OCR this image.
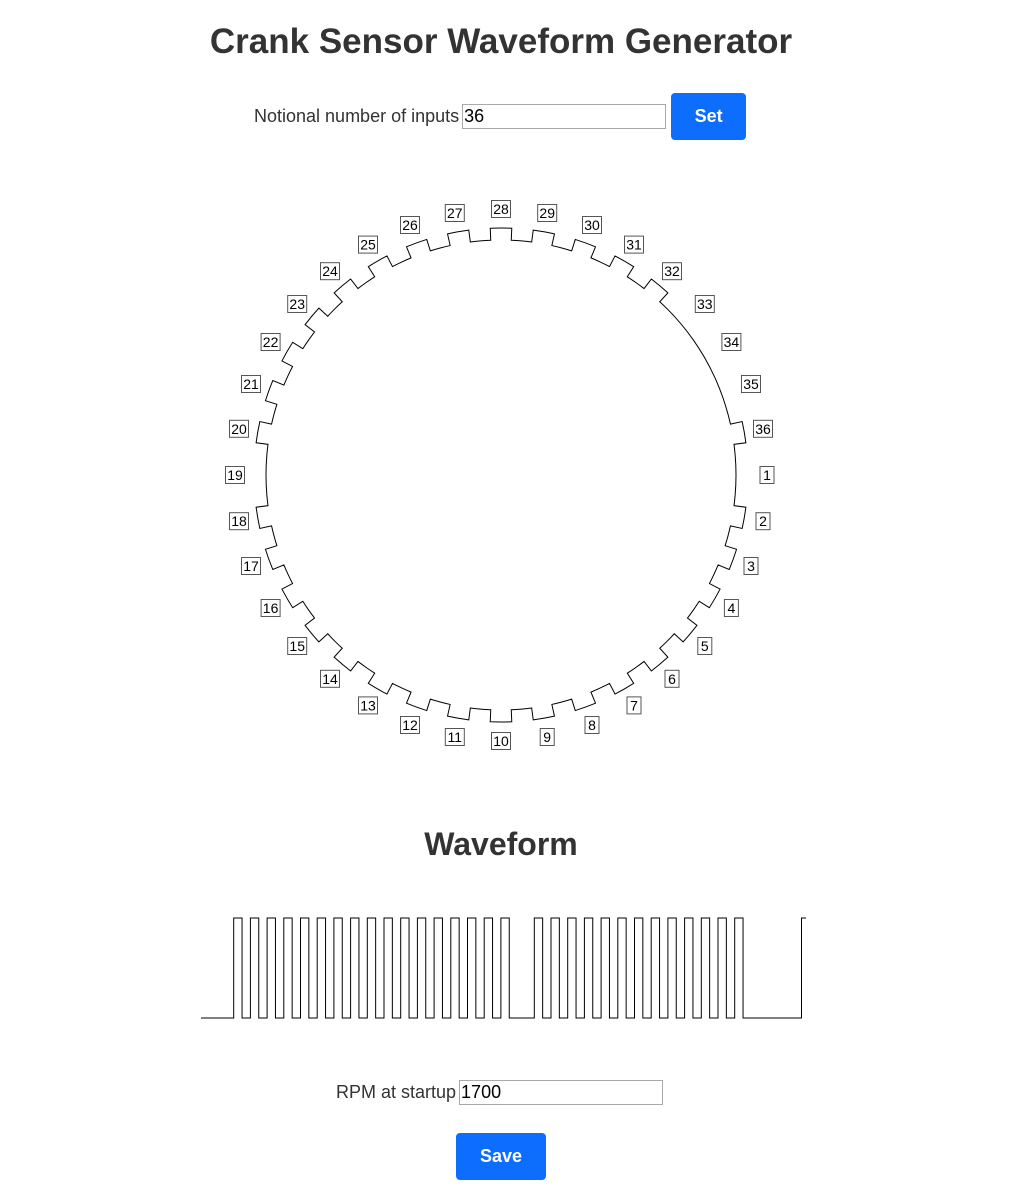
Crank Sensor Waveform Generator
Notional number of inputs
36	Set
1
2
3
4
5
6
7
8
9
10
11
12
13
14
15
16
17
18
19
20
21
22
23
24
25
26
27 28 29
30
31
32
33
34
35
36
Waveform
RPM at startup
1700
Save
